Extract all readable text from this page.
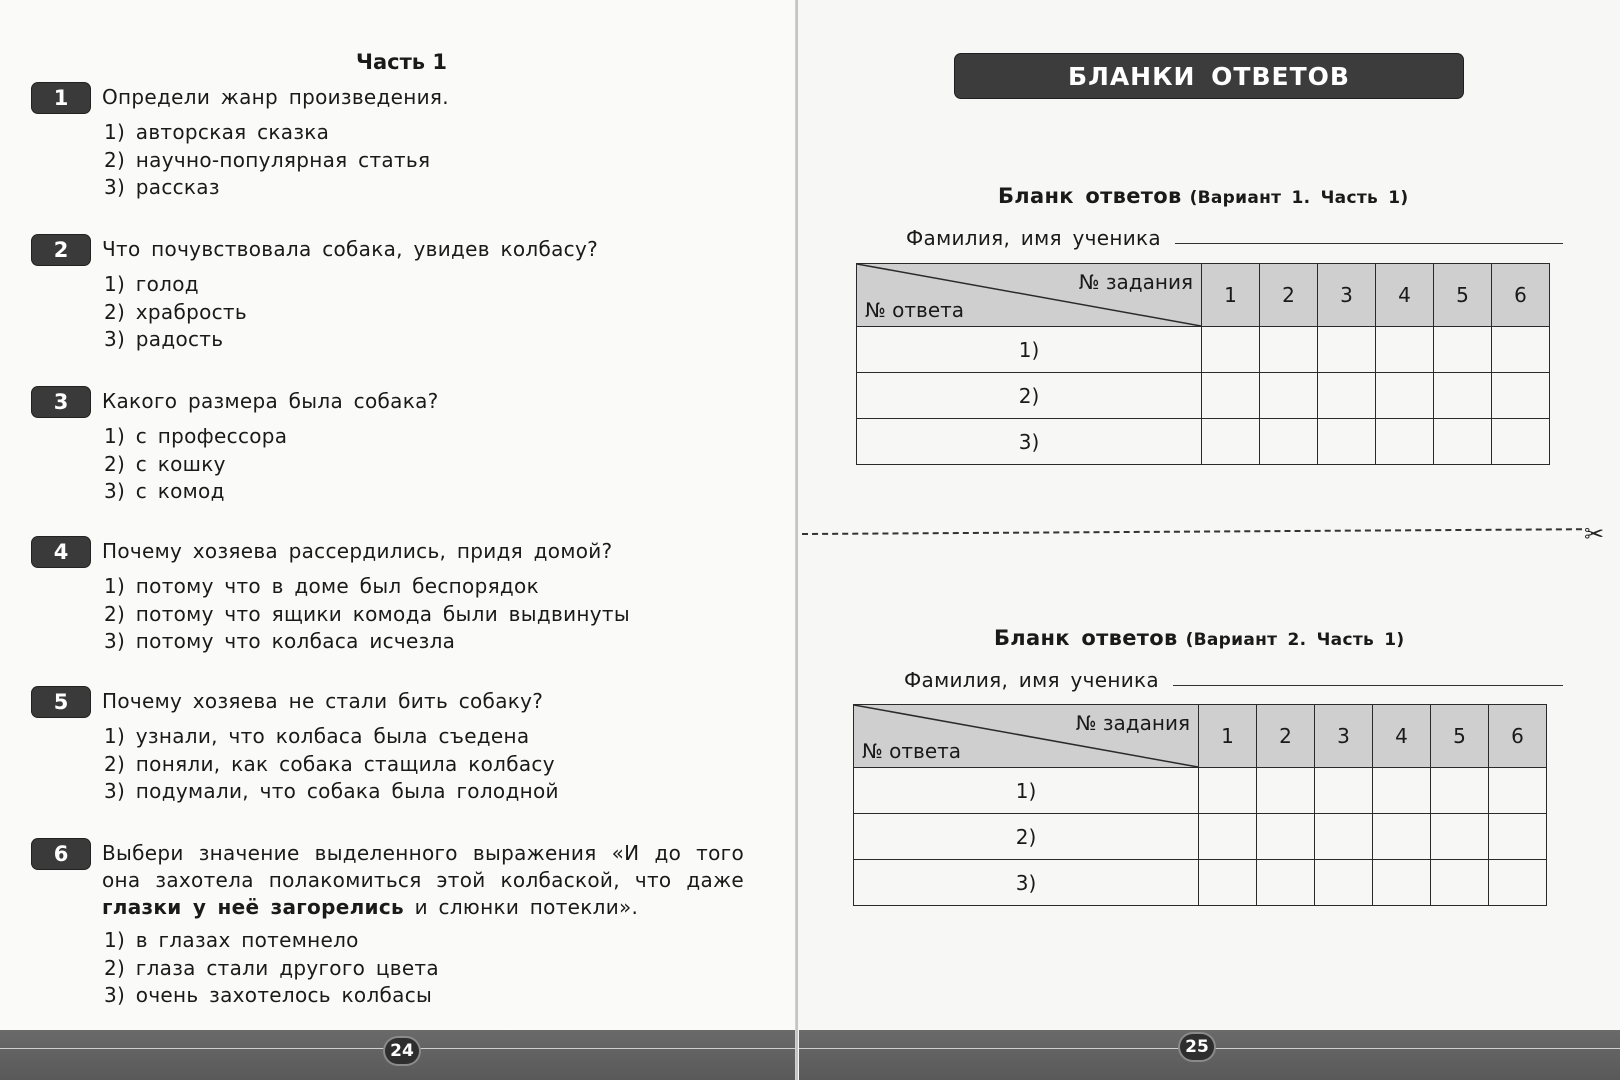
Часть 1
1	Определи жанр произведения.
1) авторская сказка
2) научно-популярная статья
3) рассказ
2	Что почувствовала собака, увидев колбасу?
1) голод
2) храбрость
3) радость
3	Какого размера была собака?
1) с профессора
2) с кошку
3) с комод
4	Почему хозяева рассердились, придя домой?
1) потому что в доме был беспорядок
2) потому что ящики комода были выдвинуты
3) потому что колбаса исчезла
5	Почему хозяева не стали бить собаку?
1) узнали, что колбаса была съедена
2) поняли, как собака стащила колбасу
3) подумали, что собака была голодной
6	Выбери значение выделенного выражения «И до того она захотела полакомиться этой колбаской, что даже глазки у неё загорелись и слюнки потекли».
1) в глазах потемнело
2) глаза стали другого цвета
3) очень захотелось колбасы
БЛАНКИ ОТВЕТОВ
Бланк ответов (Вариант 1. Часть 1)
Фамилия, имя ученика
№ задания
№ ответа	1	2	3	4	5	6
1)						
2)						
3)						
✂
Бланк ответов (Вариант 2. Часть 1)
Фамилия, имя ученика
№ задания
№ ответа	1	2	3	4	5	6
1)						
2)						
3)						
24	25
